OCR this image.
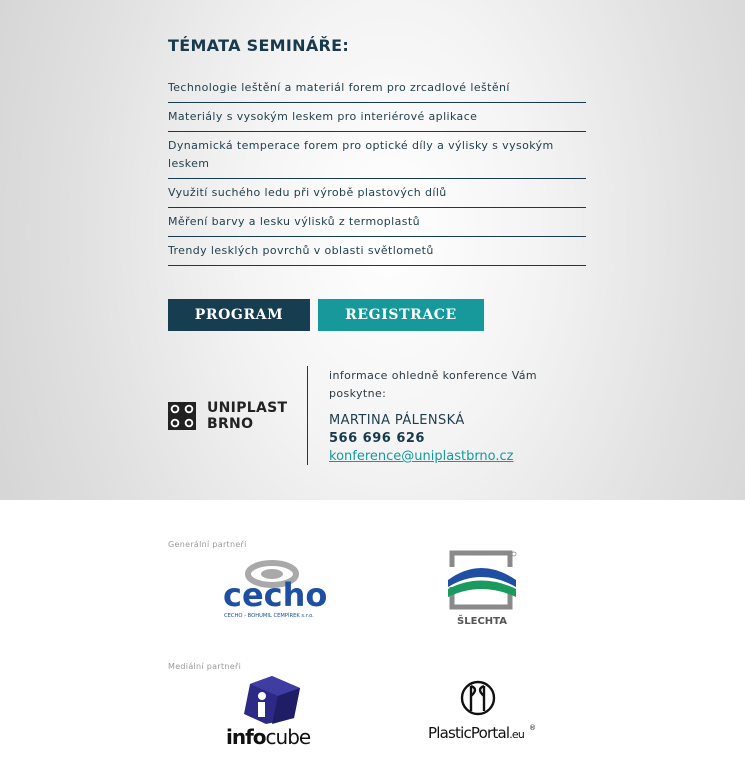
TÉMATA SEMINÁŘE:
Technologie leštění a materiál forem pro zrcadlové leštění
Materiály s vysokým leskem pro interiérové aplikace
Dynamická temperace forem pro optické díly a výlisky s vysokým leskem
Využití suchého ledu při výrobě plastových dílů
Měření barvy a lesku výlisků z termoplastů
Trendy lesklých povrchů v oblasti světlometů
PROGRAM	REGISTRACE
UNIPLAST
BRNO
informace ohledně konference Vám poskytne:
MARTINA PÁLENSKÁ
566 696 626
konference@uniplastbrno.cz
Generální partneři
cecho
CECHO - BOHUMIL CEMPÍREK s.r.o.	ŠLECHTA
Mediální partneři
infocube	PlasticPortal.eu ®
